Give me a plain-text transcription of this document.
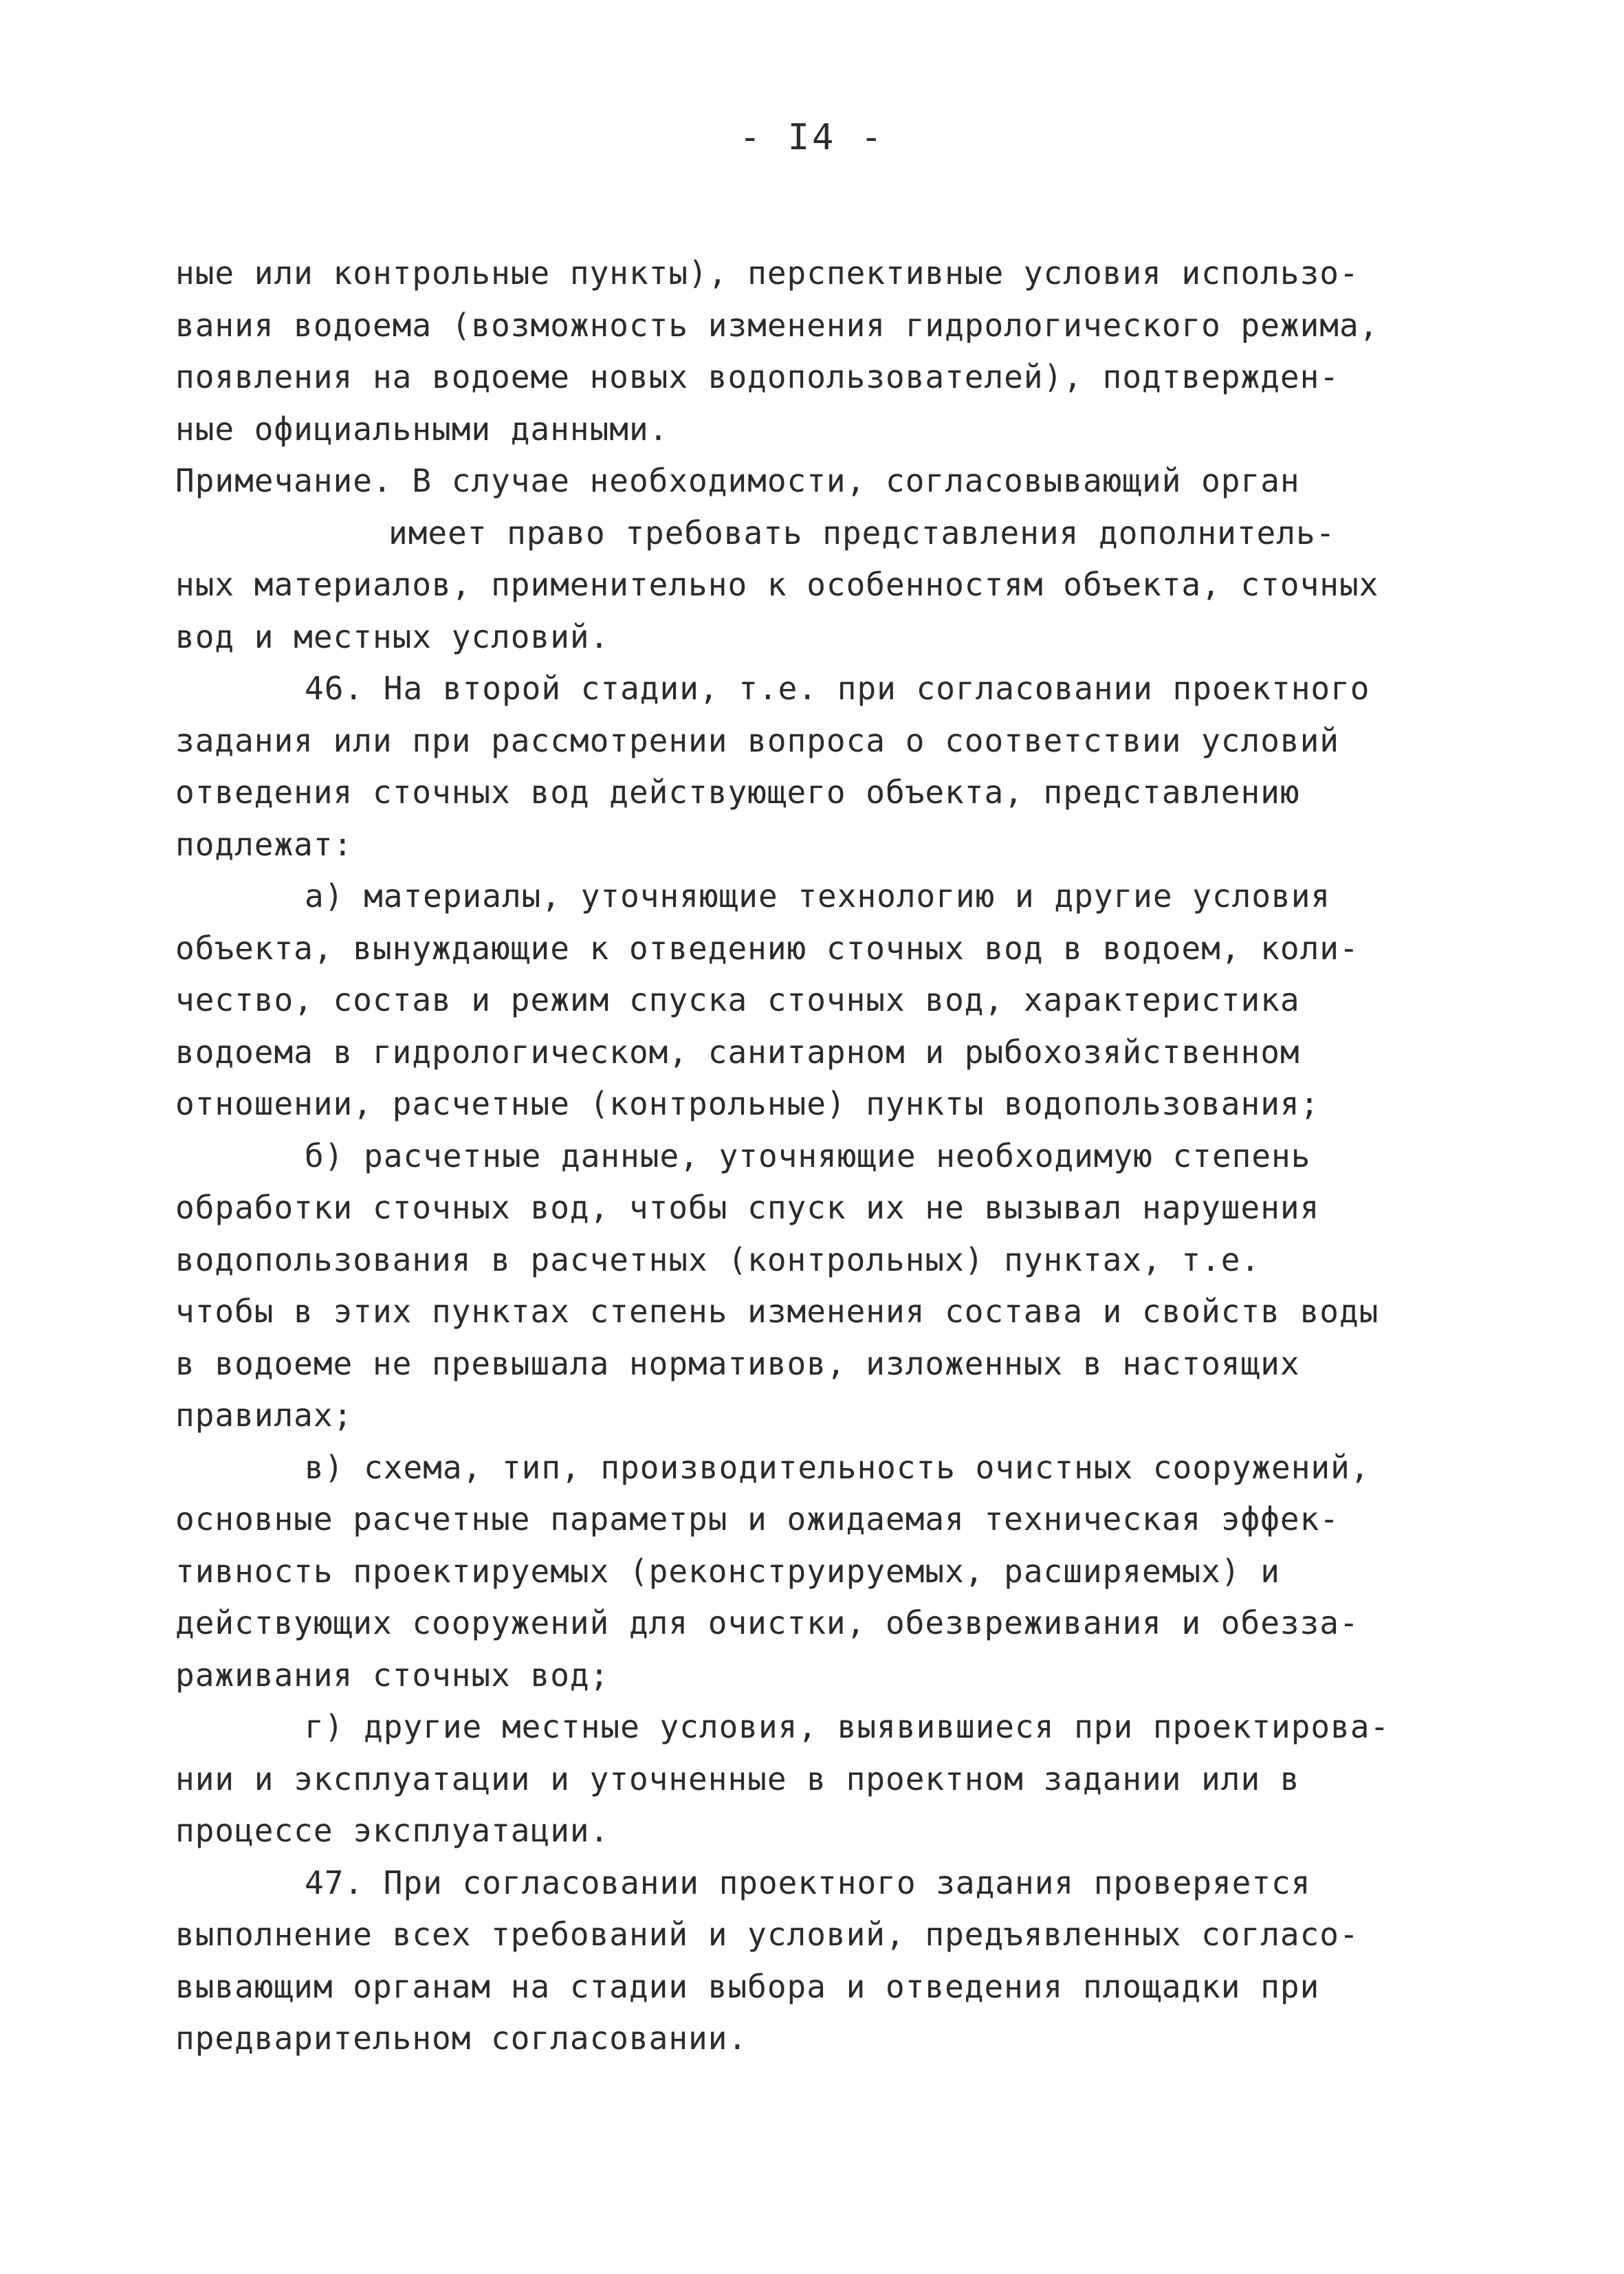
- I4 -
ные или контрольные пункты), перспективные условия использо-
вания водоема (возможность изменения гидрологического режима,
появления на водоеме новых водопользователей), подтвержден-
ные официальными данными.
Примечание. В случае необходимости, согласовывающий орган
имеет право требовать представления дополнитель-
ных материалов, применительно к особенностям объекта, сточных
вод и местных условий.
46. На второй стадии, т.е. при согласовании проектного
задания или при рассмотрении вопроса о соответствии условий
отведения сточных вод действующего объекта, представлению
подлежат:
а) материалы, уточняющие технологию и другие условия
объекта, вынуждающие к отведению сточных вод в водоем, коли-
чество, состав и режим спуска сточных вод, характеристика
водоема в гидрологическом, санитарном и рыбохозяйственном
отношении, расчетные (контрольные) пункты водопользования;
б) расчетные данные, уточняющие необходимую степень
обработки сточных вод, чтобы спуск их не вызывал нарушения
водопользования в расчетных (контрольных) пунктах, т.е.
чтобы в этих пунктах степень изменения состава и свойств воды
в водоеме не превышала нормативов, изложенных в настоящих
правилах;
в) схема, тип, производительность очистных сооружений,
основные расчетные параметры и ожидаемая техническая эффек-
тивность проектируемых (реконструируемых, расширяемых) и
действующих сооружений для очистки, обезвреживания и обезза-
раживания сточных вод;
г) другие местные условия, выявившиеся при проектирова-
нии и эксплуатации и уточненные в проектном задании или в
процессе эксплуатации.
47. При согласовании проектного задания проверяется
выполнение всех требований и условий, предъявленных согласо-
вывающим органам на стадии выбора и отведения площадки при
предварительном согласовании.
